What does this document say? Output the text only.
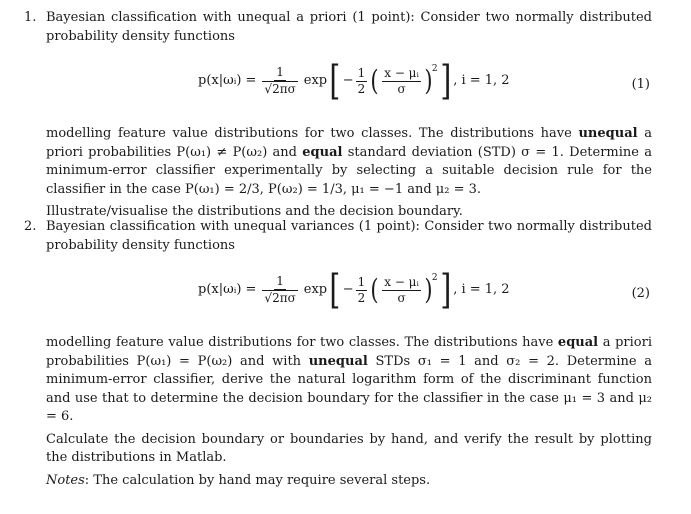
1. Bayesian classification with unequal a priori (1 point): Consider two normally distributed probability density functions

p(x|ωᵢ) = $\frac{1}{√2\pi\sigma}$ exp [ − $\frac{1}{2}$ ( $\frac{\text{x − μᵢ}}{\sigma}$ ) 2 ] , i = 1, 2	(1)

modelling feature value distributions for two classes. The distributions have unequal a priori probabilities P(ω₁) ≠ P(ω₂) and equal standard deviation (STD) σ = 1. Determine a minimum-error classifier experimentally by selecting a suitable decision rule for the classifier in the case P(ω₁) = 2/3, P(ω₂) = 1/3, μ₁ = −1 and μ₂ = 3.

Illustrate/visualise the distributions and the decision boundary.

2. Bayesian classification with unequal variances (1 point): Consider two normally distributed probability density functions

p(x|ωᵢ) = $\frac{1}{√2\pi\sigma}$ exp [ − $\frac{1}{2}$ ( $\frac{\text{x − μᵢ}}{\sigma}$ ) 2 ] , i = 1, 2	(2)

modelling feature value distributions for two classes. The distributions have equal a priori probabilities P(ω₁) = P(ω₂) and with unequal STDs σ₁ = 1 and σ₂ = 2. Determine a minimum-error classifier, derive the natural logarithm form of the discriminant function and use that to determine the decision boundary for the classifier in the case μ₁ = 3 and μ₂ = 6.

Calculate the decision boundary or boundaries by hand, and verify the result by plotting the distributions in Matlab.

Notes: The calculation by hand may require several steps.
